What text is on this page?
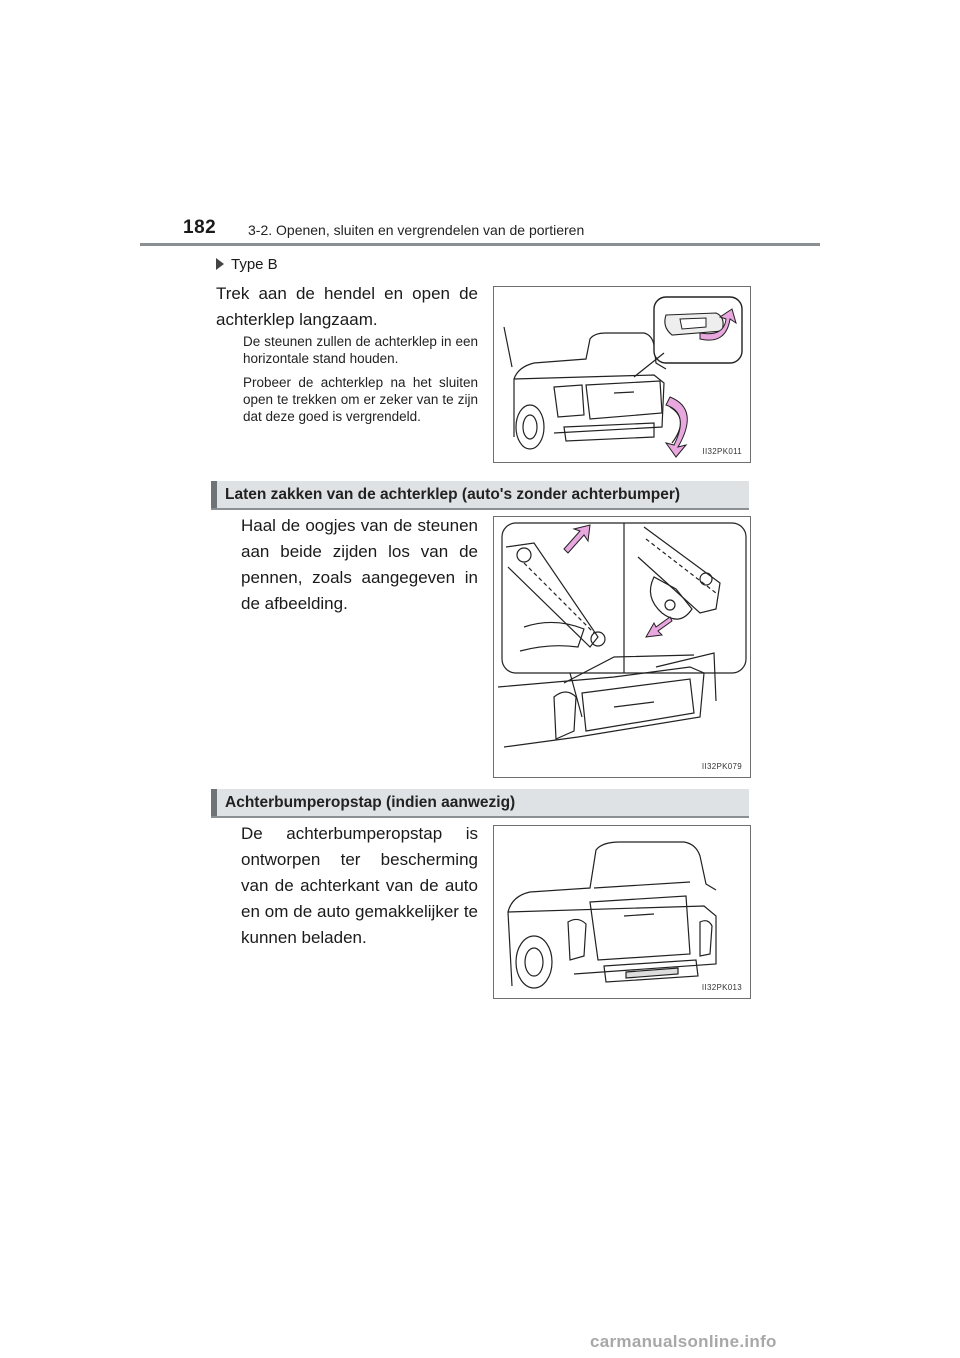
182 3-2. Openen, sluiten en vergrendelen van de portieren
Type B
Trek aan de hendel en open de achterklep langzaam.
De steunen zullen de achterklep in een horizontale stand houden.
Probeer de achterklep na het sluiten open te trekken om er zeker van te zijn dat deze goed is vergrendeld.
II32PK011
Laten zakken van de achterklep (auto's zonder achterbumper)
Haal de oogjes van de steunen aan beide zijden los van de pennen, zoals aangegeven in de afbeelding.
II32PK079
Achterbumperopstap (indien aanwezig)
De achterbumperopstap is ontworpen ter bescherming van de achterkant van de auto en om de auto gemakkelijker te kunnen beladen.
II32PK013
carmanualsonline.info
